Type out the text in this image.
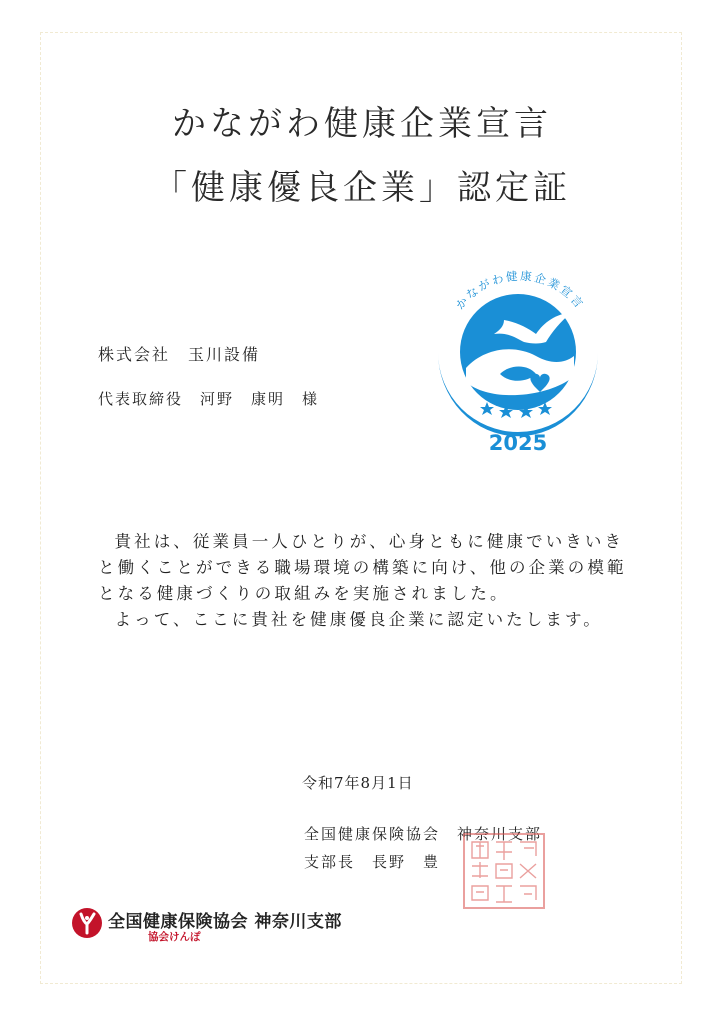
かながわ健康企業宣言
「健康優良企業」認定証
株式会社　玉川設備
代表取締役　河野　康明　様
かながわ健康企業宣言
2025

貴社は、従業員一人ひとりが、心身ともに健康でいきいきと働くことができる職場環境の構築に向け、他の企業の模範となる健康づくりの取組みを実施されました。

よって、ここに貴社を健康優良企業に認定いたします。

令和7年8月1日
全国健康保険協会　神奈川支部
支部長　長野　豊
全国健康保険協会 神奈川支部
協会けんぽ
